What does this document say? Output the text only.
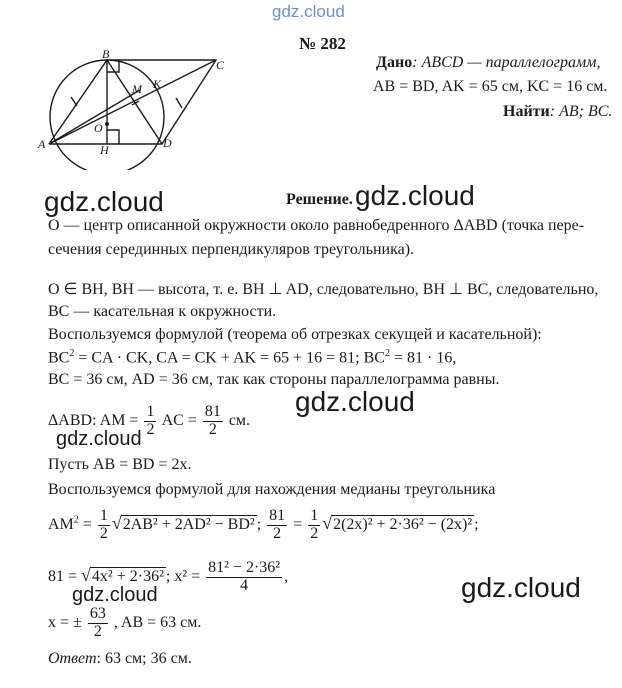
gdz.cloud
№ 282
B
C
K
M
A	D
O
H
Дано: ABCD — параллелограмм,
AB = BD, AK = 65 см, KC = 16 см.
Найти: AB; BC.
gdz.cloud	gdz.cloud
gdz.cloud
gdz.cloud
gdz.cloud
gdz.cloud
Решение.
O — центр описанной окружности около равнобедренного ΔABD (точка пере-
сечения серединных перпендикуляров треугольника).
O ∈ BH, BH — высота, т. е. BH ⊥ AD, следовательно, BH ⊥ BC, следовательно,
BC — касательная к окружности.
Воспользуемся формулой (теорема об отрезках секущей и касательной):
$BC^2$ = CA · CK, CA = CK + AK = 65 + 16 = 81; $BC^2 = 81 \cdot 16$,
BC = 36 см, AD = 36 см, так как стороны параллелограмма равны.
ΔABD: AM = $\frac{1}{2}$ AC = $\frac{81}{2}$ см.
Пусть AB = BD = 2x.
Воспользуемся формулой для нахождения медианы треугольника
$AM^2 = \frac{1}{2} √2AB^2 + 2AD^2 - BD^2$ ; $\frac{81}{2} = \frac{1}{2} √2(2x)^2 + 2\cdot 36^2 - (2x)^2$ ;
81 = √4x² + 2·36² ; $x^2 = \frac{\text{81² − 2·36²}}{4}$ ,
x = ± $\frac{63}{2}$ , AB = 63 см.
Ответ: 63 см; 36 см.
